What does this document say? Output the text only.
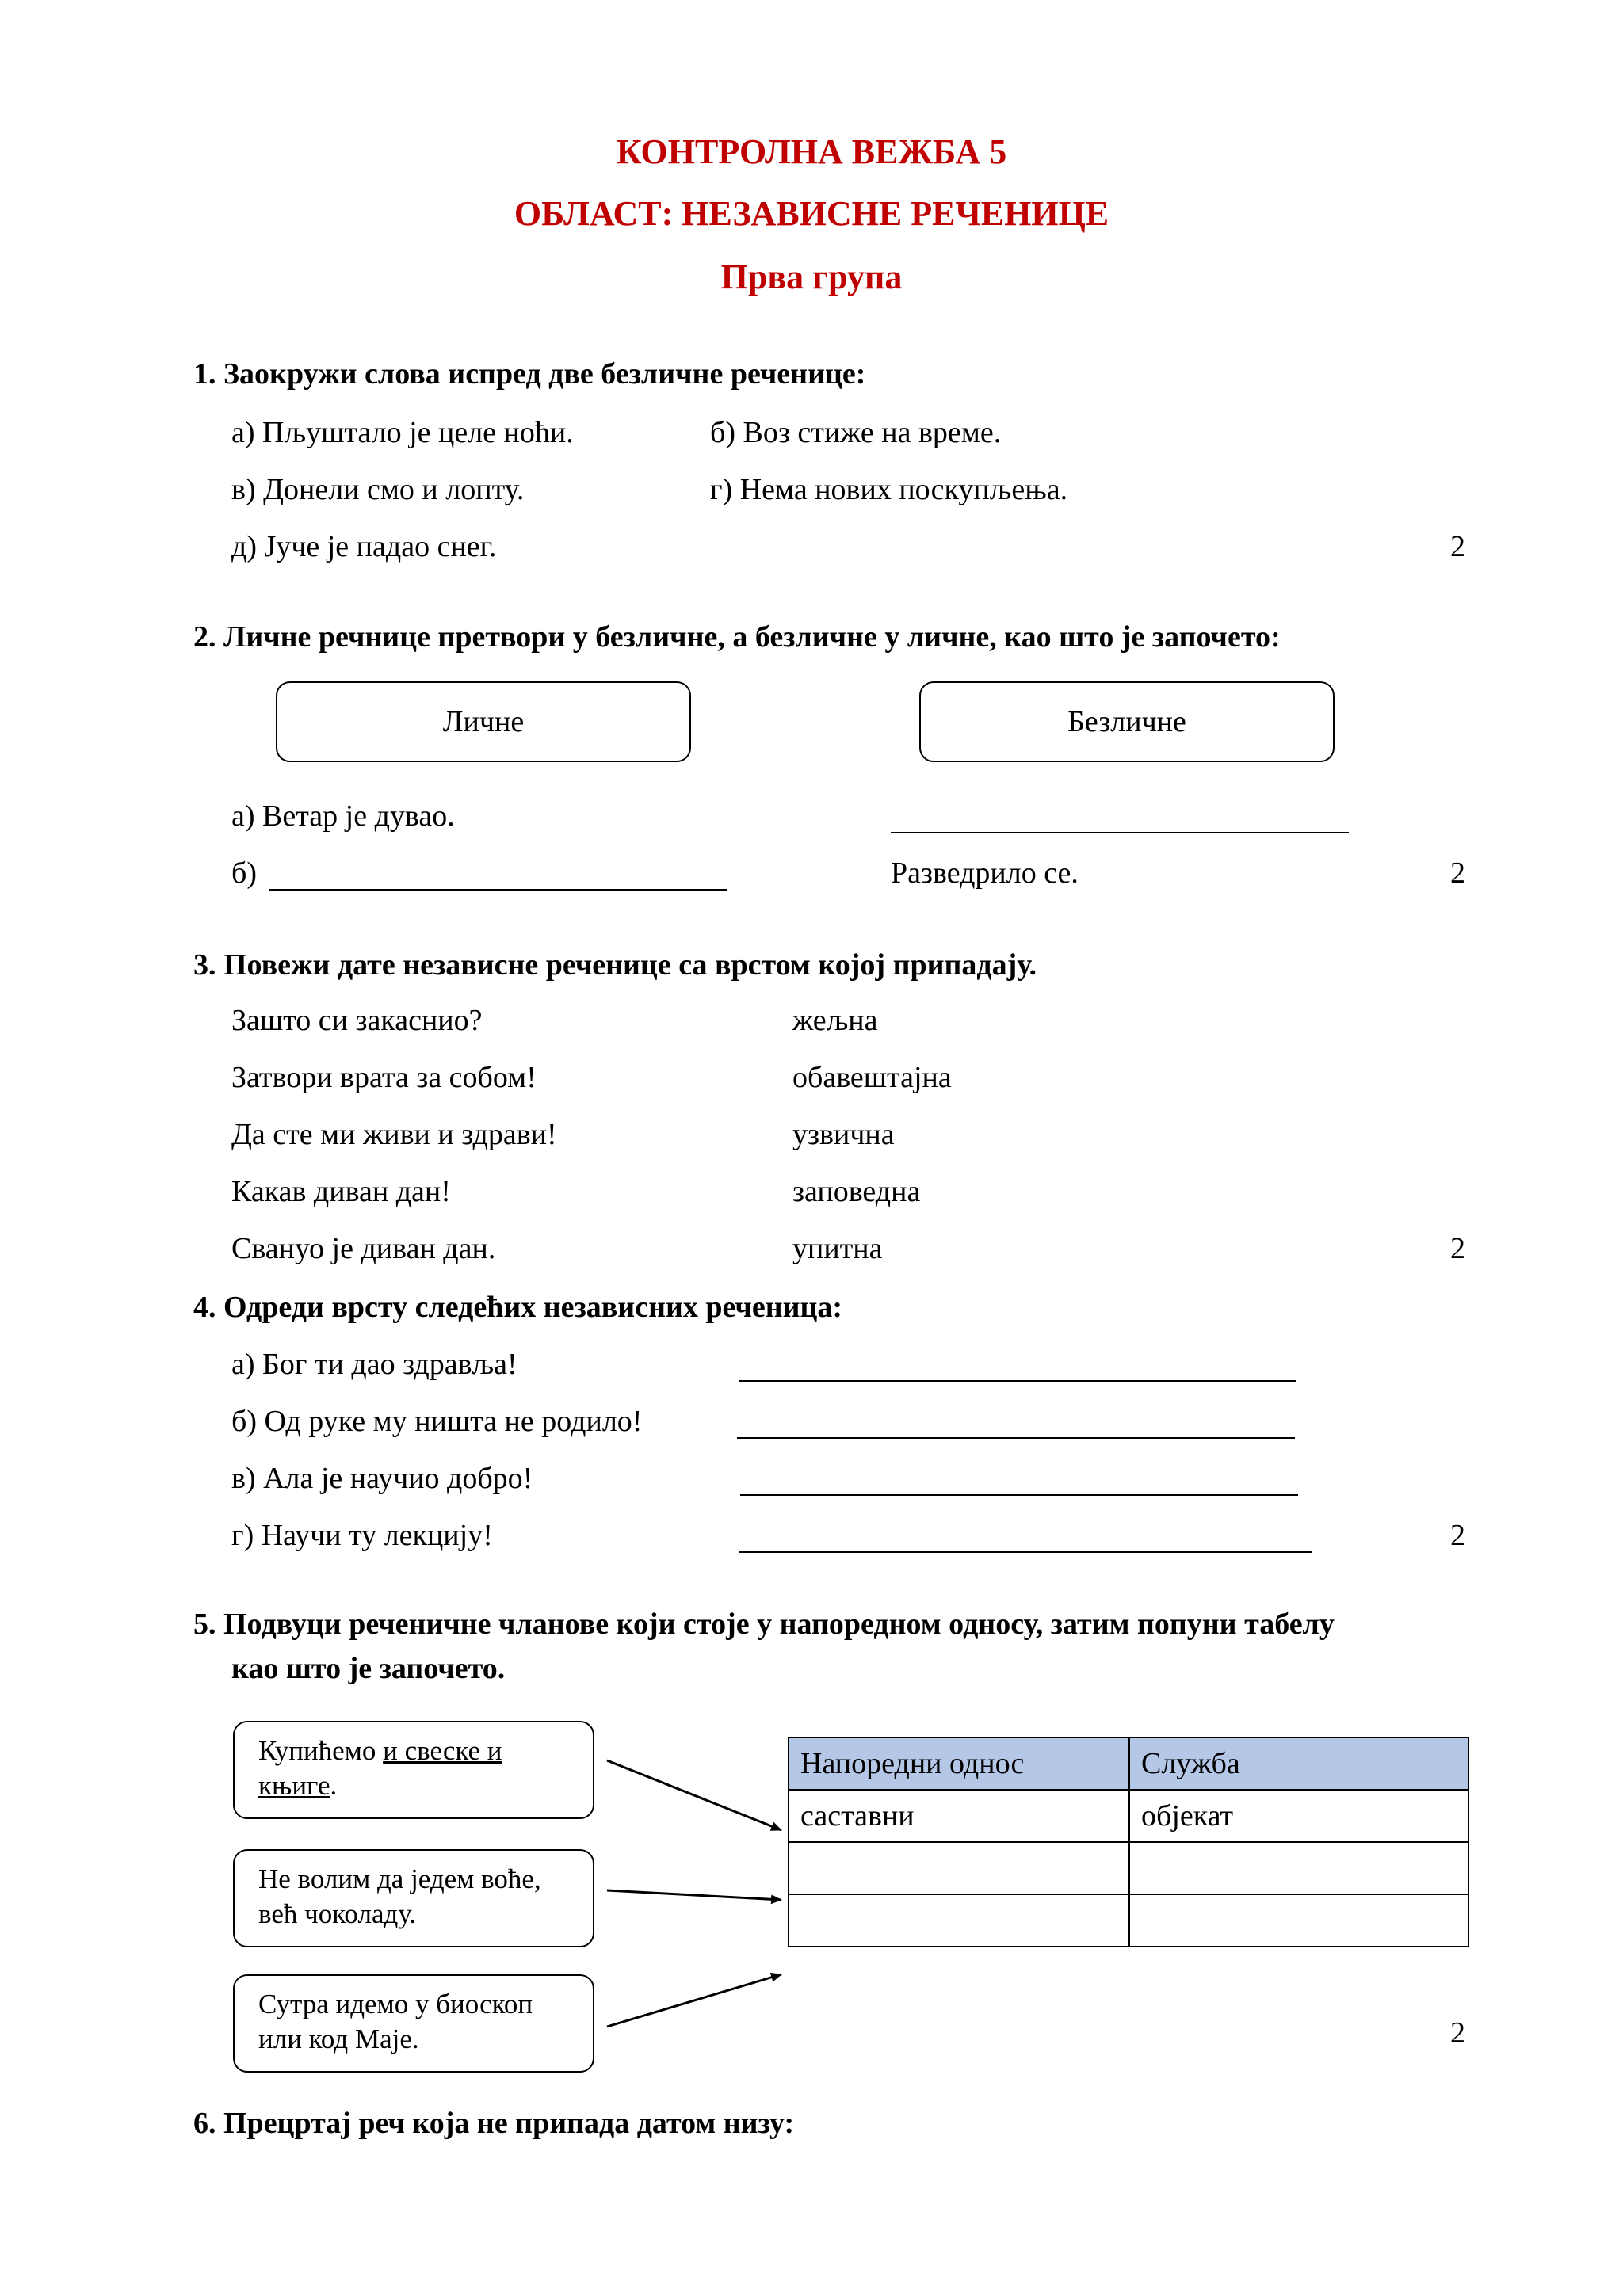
КОНТРОЛНА ВЕЖБА 5
ОБЛАСТ: НЕЗАВИСНЕ РЕЧЕНИЦЕ
Прва група
1. Заокружи слова испред две безличне реченице:
а) Пљуштало је целе ноћи.	б) Воз стиже на време.
в) Донели смо и лопту.	г) Нема нових поскупљења.
д) Јуче је падао снег.	2
2. Личне речнице претвори у безличне, а безличне у личне, као што је започето:
Личне	Безличне
а) Ветар је дувао.
б)	Разведрило се.	2
3. Повежи дате независне реченице са врстом којој припадају.
Зашто си закаснио?	жељна
Затвори врата за собом!	обавештајна
Да сте ми живи и здрави!	узвична
Какав диван дан!	заповедна
Свануо је диван дан.	упитна	2
4. Одреди врсту следећих независних реченица:
а) Бог ти дао здравља!
б) Од руке му ништа не родило!
в) Ала је научио добро!
г) Научи ту лекцију!	2
5. Подвуци реченичне чланове који стоје у напоредном односу, затим попуни табелу
као што је започето.
Купићемо и свеске и
књиге.
Не волим да једем воће,
већ чоколаду.
Сутра идемо у биоскоп
или код Маје.
Напоредни однос	Служба
саставни	објекат

2
6. Прецртај реч која не припада датом низу:
